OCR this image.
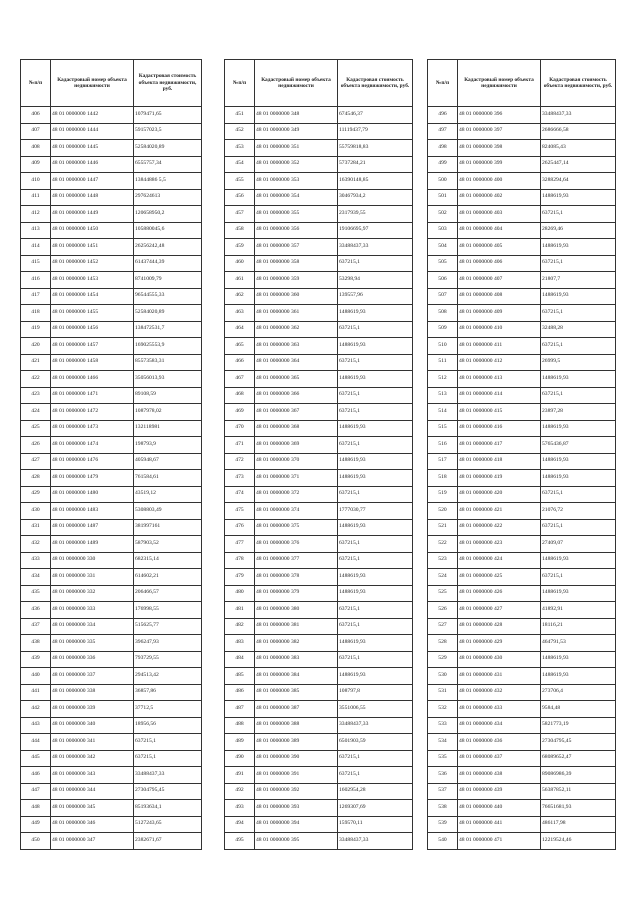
№п/п	Кадастровый номер объекта недвижимости	Кадастровая стоимость объекта недвижимости, руб.
406	48 01 0000000 1442	1079471,65
407	48 01 0000000 1444	59157023,5
408	48 01 0000000 1445	52584020,89
409	48 01 0000000 1446	6555757,34
410	48 01 0000000 1447	13844886 5,5
411	48 01 0000000 1448	297624613
412	48 01 0000000 1449	120658950,2
413	48 01 0000000 1450	105880045,6
414	48 01 0000000 1451	26256242,48
415	48 01 0000000 1452	61437444,39
416	48 01 0000000 1453	8741009,79
417	48 01 0000000 1454	96544555,33
418	48 01 0000000 1455	52584020,89
419	48 01 0000000 1456	138472531,7
420	48 01 0000000 1457	169025553,9
421	48 01 0000000 1458	85573583,31
422	48 01 0000000 1466	35056013,93
423	48 01 0000000 1471	89108,59
424	48 01 0000000 1472	1087978,02
425	48 01 0000000 1473	132118981
426	48 01 0000000 1474	198793,9
427	48 01 0000000 1476	405948,67
428	48 01 0000000 1479	761584,61
429	48 01 0000000 1480	43519,12
430	48 01 0000000 1483	5308803,49
431	48 01 0000000 1487	381997161
432	48 01 0000000 1489	587903,52
433	48 01 0000000 330	682315,14
434	48 01 0000000 331	614602,21
435	48 01 0000000 332	206466,57
436	48 01 0000000 333	176998,55
437	48 01 0000000 334	515625,77
438	48 01 0000000 335	396247,93
439	48 01 0000000 336	793729,55
440	48 01 0000000 337	294513,42
441	48 01 0000000 338	36857,86
442	48 01 0000000 339	37712,5
443	48 01 0000000 340	18956,56
444	48 01 0000000 341	637215,1
445	48 01 0000000 342	637215,1
446	48 01 0000000 343	33488437,33
447	48 01 0000000 344	27304795,45
448	48 01 0000000 345	85193634,1
449	48 01 0000000 346	5127243,65
450	48 01 0000000 347	2382671,67
№п/п	Кадастровый номер объекта недвижимости	Кадастровая стоимость объекта недвижимости, руб.
451	48 01 0000000 348	674546,37
452	48 01 0000000 349	11119437,79
453	48 01 0000000 351	55759818,83
454	48 01 0000000 352	5737284,21
455	48 01 0000000 353	16390148,85
456	48 01 0000000 354	30467934,2
457	48 01 0000000 355	2317939,55
458	48 01 0000000 356	19106695,97
459	48 01 0000000 357	33488437,33
460	48 01 0000000 358	637215,1
461	48 01 0000000 359	53298,94
462	48 01 0000000 360	139557,96
463	48 01 0000000 361	1488619,93
464	48 01 0000000 362	637215,1
465	48 01 0000000 363	1488619,93
466	48 01 0000000 364	637215,1
467	48 01 0000000 365	1488619,93
468	48 01 0000000 366	637215,1
469	48 01 0000000 367	637215,1
470	48 01 0000000 368	1488619,93
471	48 01 0000000 369	637215,1
472	48 01 0000000 370	1488619,93
473	48 01 0000000 371	1488619,93
474	48 01 0000000 372	637215,1
475	48 01 0000000 374	1777030,77
476	48 01 0000000 375	1488619,93
477	48 01 0000000 376	637215,1
478	48 01 0000000 377	637215,1
479	48 01 0000000 378	1488619,93
480	48 01 0000000 379	1488619,93
481	48 01 0000000 380	637215,1
482	48 01 0000000 381	637215,1
483	48 01 0000000 382	1488619,93
484	48 01 0000000 383	637215,1
485	48 01 0000000 384	1488619,93
486	48 01 0000000 385	108797,8
487	48 01 0000000 387	3551006,55
488	48 01 0000000 388	33488437,33
489	48 01 0000000 389	6501903,59
490	48 01 0000000 390	637215,1
491	48 01 0000000 391	637215,1
492	48 01 0000000 392	1602954,28
493	48 01 0000000 393	1269307,69
494	48 01 0000000 394	159570,11
495	48 01 0000000 395	33488437,33
№п/п	Кадастровый номер объекта недвижимости	Кадастровая стоимость объекта недвижимости, руб.
496	48 01 0000000 396	33488437,33
497	48 01 0000000 397	2686666,58
498	48 01 0000000 398	824085,43
499	48 01 0000000 399	2625447,14
500	48 01 0000000 400	3288294,64
501	48 01 0000000 402	1488619,93
502	48 01 0000000 403	637215,1
503	48 01 0000000 404	28269,46
504	48 01 0000000 405	1488619,93
505	48 01 0000000 406	637215,1
506	48 01 0000000 407	21807,7
507	48 01 0000000 408	1488619,93
508	48 01 0000000 409	637215,1
509	48 01 0000000 410	32488,28
510	48 01 0000000 411	637215,1
511	48 01 0000000 412	26999,5
512	48 01 0000000 413	1488619,93
513	48 01 0000000 414	637215,1
514	48 01 0000000 415	23897,28
515	48 01 0000000 416	1488619,93
516	48 01 0000000 417	5765436,87
517	48 01 0000000 418	1488619,93
518	48 01 0000000 419	1488619,93
519	48 01 0000000 420	637215,1
520	48 01 0000000 421	21076,72
521	48 01 0000000 422	637215,1
522	48 01 0000000 423	27409,07
523	48 01 0000000 424	1488619,93
524	48 01 0000000 425	637215,1
525	48 01 0000000 426	1488619,93
526	48 01 0000000 427	41892,91
527	48 01 0000000 428	18116,21
528	48 01 0000000 429	464791,53
529	48 01 0000000 430	1488619,93
530	48 01 0000000 431	1488619,93
531	48 01 0000000 432	273706,4
532	48 01 0000000 433	9584,48
533	48 01 0000000 434	5821773,19
534	48 01 0000000 436	27304795,45
535	48 01 0000000 437	68089652,47
536	48 01 0000000 438	89086986,39
537	48 01 0000000 439	56387852,11
538	48 01 0000000 440	76651681,93
539	48 01 0000000 441	486117,98
540	48 01 0000000 471	12219524,46
